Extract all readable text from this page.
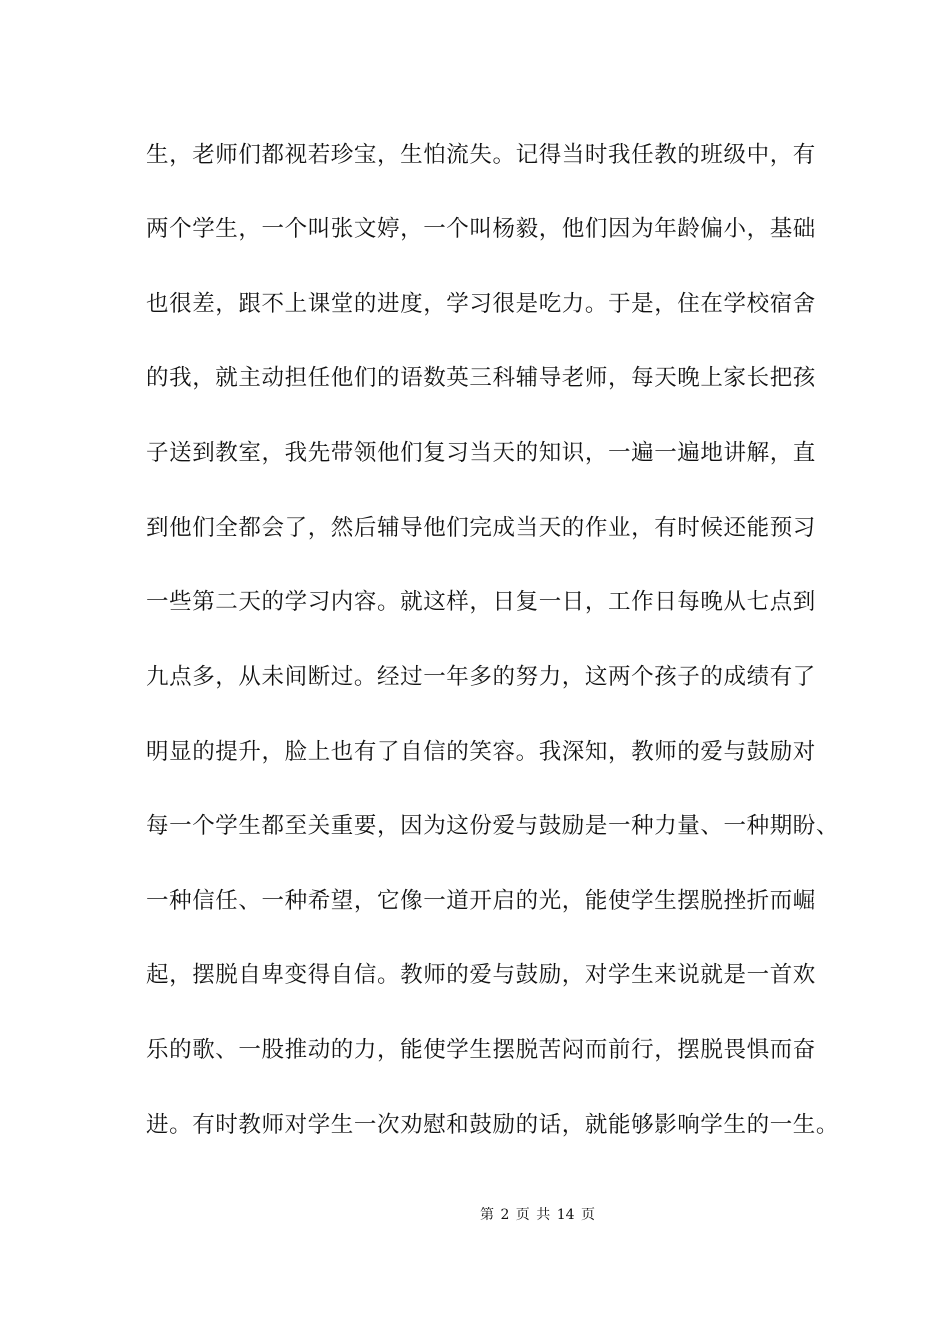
生，老师们都视若珍宝，生怕流失。记得当时我任教的班级中，有
两个学生，一个叫张文婷，一个叫杨毅，他们因为年龄偏小，基础
也很差，跟不上课堂的进度，学习很是吃力。于是，住在学校宿舍
的我，就主动担任他们的语数英三科辅导老师，每天晚上家长把孩
子送到教室，我先带领他们复习当天的知识，一遍一遍地讲解，直
到他们全都会了，然后辅导他们完成当天的作业，有时候还能预习
一些第二天的学习内容。就这样，日复一日，工作日每晚从七点到
九点多，从未间断过。经过一年多的努力，这两个孩子的成绩有了
明显的提升，脸上也有了自信的笑容。我深知，教师的爱与鼓励对
每一个学生都至关重要，因为这份爱与鼓励是一种力量、一种期盼、
一种信任、一种希望，它像一道开启的光，能使学生摆脱挫折而崛
起，摆脱自卑变得自信。教师的爱与鼓励，对学生来说就是一首欢
乐的歌、一股推动的力，能使学生摆脱苦闷而前行，摆脱畏惧而奋
进。有时教师对学生一次劝慰和鼓励的话，就能够影响学生的一生。
第 2 页 共 14 页
